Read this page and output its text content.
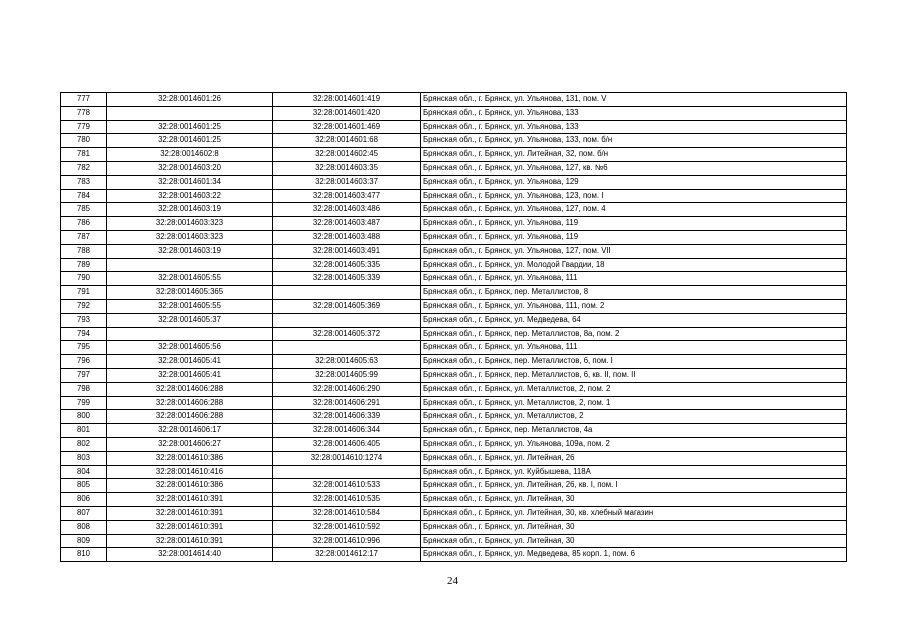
777	32:28:0014601:26	32:28:0014601:419	Брянская обл., г. Брянск, ул. Ульянова, 131, пом. V
778		32:28:0014601:420	Брянская обл., г. Брянск, ул. Ульянова, 133
779	32:28:0014601:25	32:28:0014601:469	Брянская обл., г. Брянск, ул. Ульянова, 133
780	32:28:0014601:25	32:28:0014601:68	Брянская обл., г. Брянск, ул. Ульянова, 133, пом. б/н
781	32:28:0014602:8	32:28:0014602:45	Брянская обл., г. Брянск, ул. Литейная, 32, пом. б/н
782	32:28:0014603:20	32:28:0014603:35	Брянская обл., г. Брянск, ул. Ульянова, 127, кв. №6
783	32:28:0014601:34	32:28:0014603:37	Брянская обл., г. Брянск, ул. Ульянова, 129
784	32:28:0014603:22	32:28:0014603:477	Брянская обл., г. Брянск, ул. Ульянова, 123, пом. I
785	32:28:0014603:19	32:28:0014603:486	Брянская обл., г. Брянск, ул. Ульянова, 127, пом. 4
786	32:28:0014603:323	32:28:0014603:487	Брянская обл., г. Брянск, ул. Ульянова, 119
787	32:28:0014603:323	32:28:0014603:488	Брянская обл., г. Брянск, ул. Ульянова, 119
788	32:28:0014603:19	32:28:0014603:491	Брянская обл., г. Брянск, ул. Ульянова, 127, пом. VII
789		32:28:0014605:335	Брянская обл., г. Брянск, ул. Молодой Гвардии, 18
790	32:28:0014605:55	32:28:0014605:339	Брянская обл., г. Брянск, ул. Ульянова, 111
791	32:28:0014605:365		Брянская обл., г. Брянск, пер. Металлистов, 8
792	32:28:0014605:55	32:28:0014605:369	Брянская обл., г. Брянск, ул. Ульянова, 111, пом. 2
793	32:28:0014605:37		Брянская обл., г. Брянск, ул. Медведева, 64
794		32:28:0014605:372	Брянская обл., г. Брянск, пер. Металлистов, 8а, пом. 2
795	32:28:0014605:56		Брянская обл., г. Брянск, ул. Ульянова, 111
796	32:28:0014605:41	32:28:0014605:63	Брянская обл., г. Брянск, пер. Металлистов, 6, пом. I
797	32:28:0014605:41	32:28:0014605:99	Брянская обл., г. Брянск, пер. Металлистов, 6, кв. II, пом. II
798	32:28:0014606:288	32:28:0014606:290	Брянская обл., г. Брянск, ул. Металлистов, 2, пом. 2
799	32:28:0014606:288	32:28:0014606:291	Брянская обл., г. Брянск, ул. Металлистов, 2, пом. 1
800	32:28:0014606:288	32:28:0014606:339	Брянская обл., г. Брянск, ул. Металлистов, 2
801	32:28:0014606:17	32:28:0014606:344	Брянская обл., г. Брянск, пер. Металлистов, 4а
802	32:28:0014606:27	32:28:0014606:405	Брянская обл., г. Брянск, ул. Ульянова, 109а, пом. 2
803	32:28:0014610:386	32:28:0014610:1274	Брянская обл., г. Брянск, ул. Литейная, 26
804	32:28:0014610:416		Брянская обл., г. Брянск, ул. Куйбышева, 118А
805	32:28:0014610:386	32:28:0014610:533	Брянская обл., г. Брянск, ул. Литейная, 26, кв. I, пом. I
806	32:28:0014610:391	32:28:0014610:535	Брянская обл., г. Брянск, ул. Литейная, 30
807	32:28:0014610:391	32:28:0014610:584	Брянская обл., г. Брянск, ул. Литейная, 30, кв. хлебный магазин
808	32:28:0014610:391	32:28:0014610:592	Брянская обл., г. Брянск, ул. Литейная, 30
809	32:28:0014610:391	32:28:0014610:996	Брянская обл., г. Брянск, ул. Литейная, 30
810	32:28:0014614:40	32:28:0014612:17	Брянская обл., г. Брянск, ул. Медведева, 85 корп. 1, пом. 6
24
